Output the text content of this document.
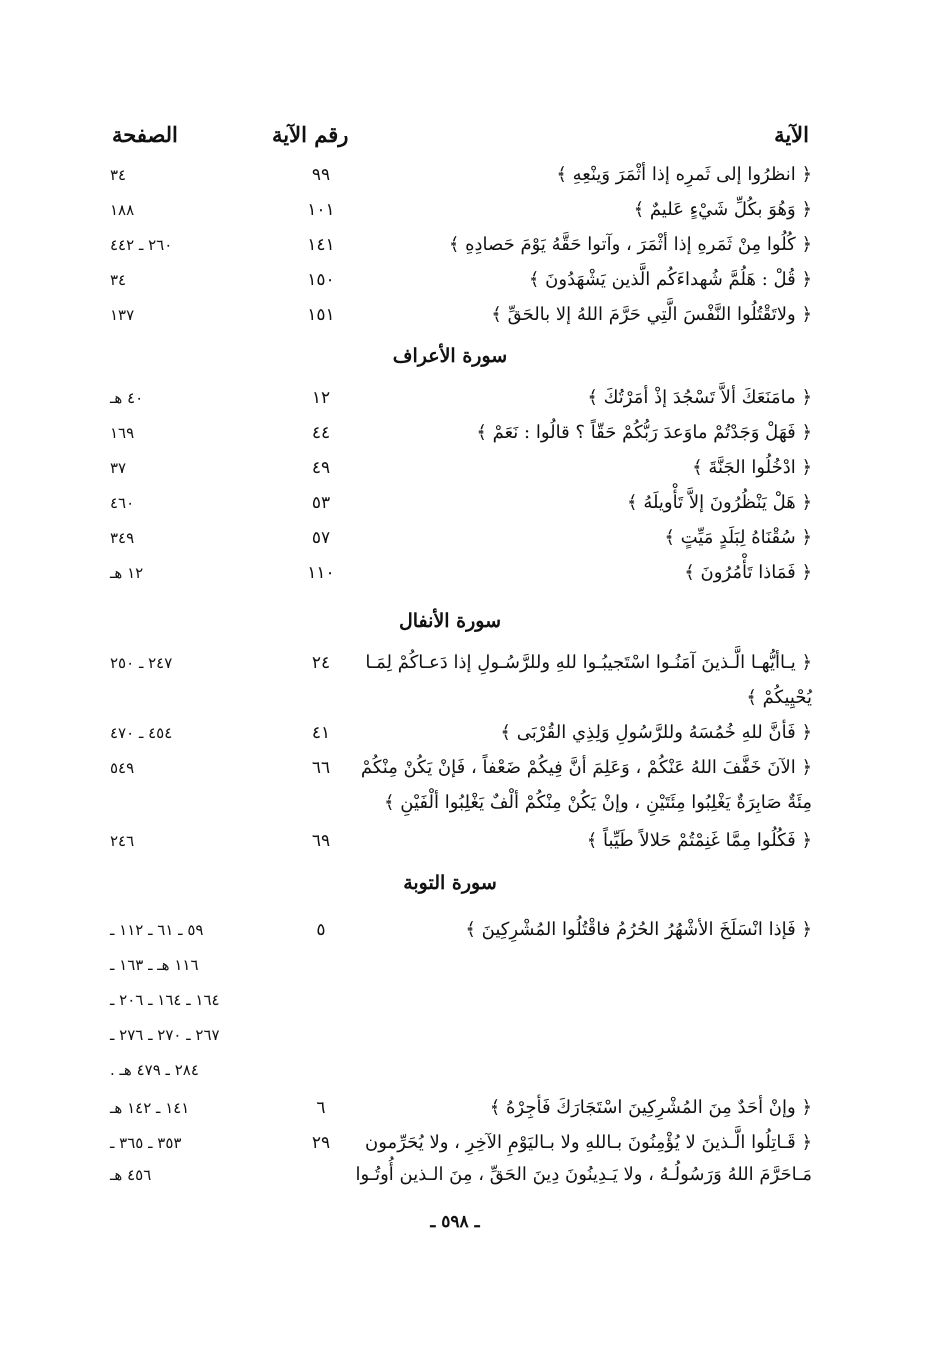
الآية
رقم الآية
الصفحة
﴿ انظرُوا إلى ثَمرِه إذا أثْمَرَ وَينْعِهِ ﴾
٩٩
٣٤
﴿ وَهُوَ بكُلِّ شَيْءٍ عَليمٌ ﴾
١٠١
١٨٨
﴿ كُلُوا مِنْ ثَمَرهِ إذا أثْمَرَ ، وآتوا حَقَّهُ يَوْمَ حَصادِهِ ﴾
١٤١
٢٦٠ ـ ٤٤٢
﴿ قُلْ : هَلُمَّ شُهداءَكُم الَّذين يَشْهَدُونَ ﴾
١٥٠
٣٤
﴿ ولاتَقْتُلُوا النَّفْسَ الَّتِي حَرَّمَ اللهُ إلا بالحَقِّ ﴾
١٥١
١٣٧
سورة الأعراف
﴿ مامَنَعَكَ ألاَّ تَسْجُدَ إذْ أمَرْتُكَ ﴾
١٢
٤٠ هـ
﴿ فَهَلْ وَجَدْتُمْ ماوَعدَ رَبُّكُمْ حَقّاً ؟ قالُوا : نَعَمْ ﴾
٤٤
١٦٩
﴿ ادْخُلُوا الجَنَّةَ ﴾
٤٩
٣٧
﴿ هَلْ يَنْظُرُونَ إلاَّ تَأْويلَهُ ﴾
٥٣
٤٦٠
﴿ سُقْنَاهُ لِبَلَدٍ مَيِّتٍ ﴾
٥٧
٣٤٩
﴿ فَمَاذا تَأْمُرُونَ ﴾
١١٠
١٢ هـ
سورة الأنفال
﴿ يـاأيُّهـا الَّـذينَ آمَنُـوا اسْتَجيبُـوا للهِ وللرَّسُـولِ إذا دَعـاكُمْ لِمَـا
٢٤
٢٤٧ ـ ٢٥٠
يُحْيِيكُمْ ﴾
﴿ فَأنَّ للهِ خُمُسَهُ وللرَّسُولِ وَلِذِي القُرْبَى ﴾
٤١
٤٥٤ ـ ٤٧٠
﴿ الآنَ خَفَّفَ اللهُ عَنْكُمْ ، وَعَلِمَ أنَّ فِيكُمْ ضَعْفاً ، فَإنْ يَكُنْ مِنْكُمْ
٦٦
٥٤٩
مِئَةٌ صَابِرَةٌ يَغْلِبُوا مِئَتَيْنِ ، وإنْ يَكُنْ مِنْكُمْ ألْفٌ يَغْلِبُوا ألْفَيْنِ ﴾
﴿ فَكُلُوا مِمَّا غَنِمْتُمْ حَلالاً طَيِّباً ﴾
٦٩
٢٤٦
سورة التوبة
﴿ فَإذا انْسَلَخَ الأشْهُرُ الحُرُمُ فاقْتُلُوا المُشْرِكِينَ ﴾
٥
٥٩ ـ ٦١ ـ ١١٢ ـ
١١٦ هـ ـ ١٦٣ ـ
١٦٤ ـ ١٦٤ ـ ٢٠٦ ـ
٢٦٧ ـ ٢٧٠ ـ ٢٧٦ ـ
٢٨٤ ـ ٤٧٩ هـ .
﴿ وإنْ أحَدٌ مِنَ المُشْرِكِينَ اسْتَجَارَكَ فَأجِرْهُ ﴾
٦
١٤١ ـ ١٤٢ هـ
﴿ قَـاتِلُوا الَّـذينَ لا يُؤْمِنُونَ بـاللهِ ولا بـاليَوْمِ الآخِرِ ، ولا يُحَرِّمون
٢٩
٣٥٣ ـ ٣٦٥ ـ
مَـاحَرَّمَ اللهُ وَرَسُولُـهُ ، ولا يَـدِينُونَ دِينَ الحَقِّ ، مِنَ الـذين أُوتُـوا
٤٥٦ هـ
ـ ٥٩٨ ـ
